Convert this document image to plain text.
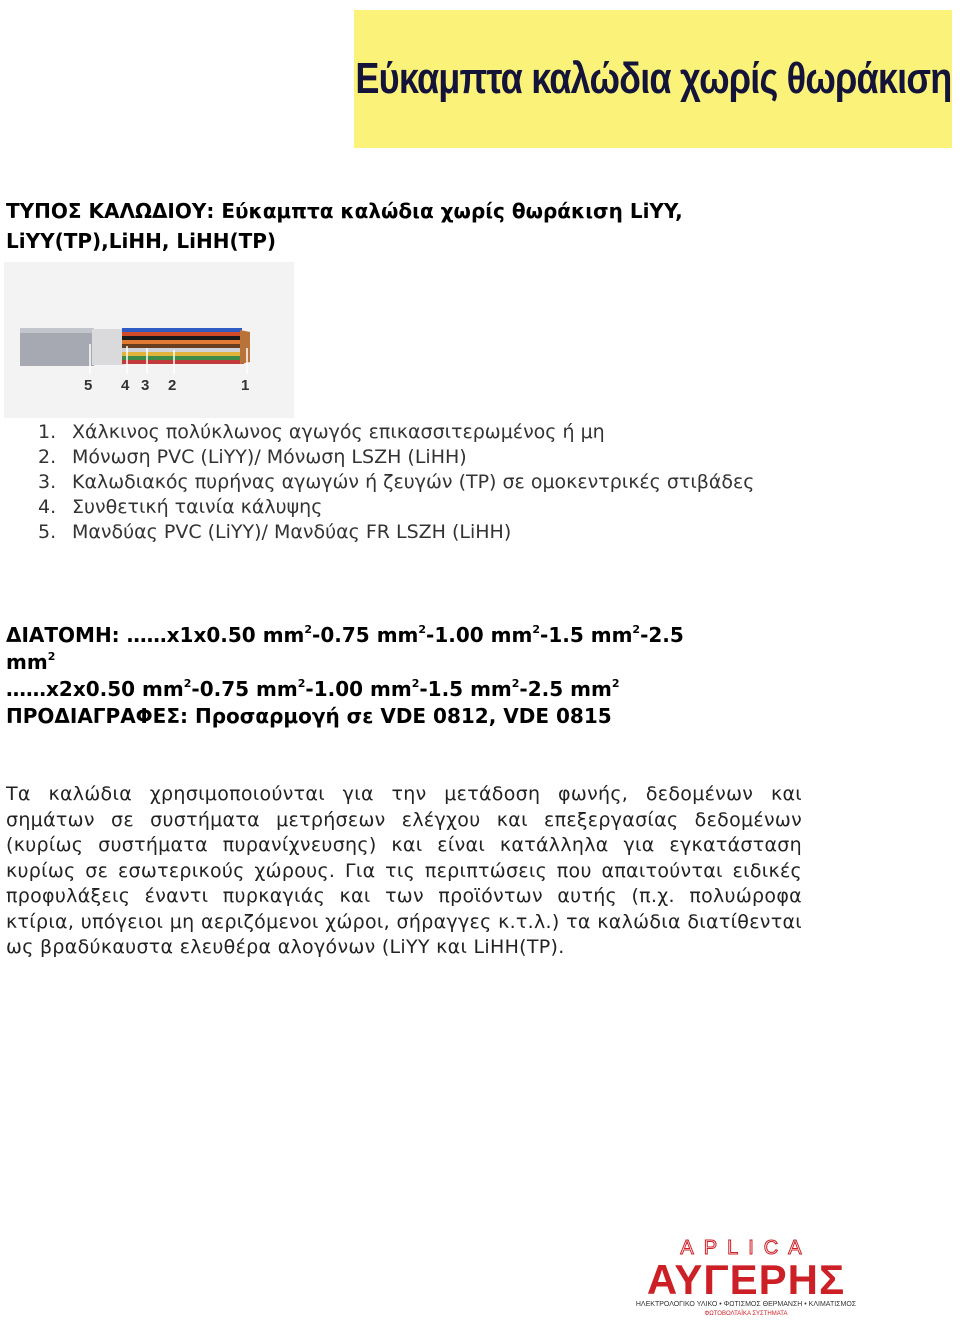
Εύκαμπτα καλώδια χωρίς θωράκιση
ΤΥΠΟΣ ΚΑΛΩΔΙΟΥ: Εύκαμπτα καλώδια χωρίς θωράκιση LiYY, LiYY(TP),LiHH, LiHH(TP)
5 4 3 2	1
1. Χάλκινος πολύκλωνος αγωγός επικασσιτερωμένος ή μη
2. Μόνωση PVC (LiYY)/ Μόνωση LSZH (LiHH)
3. Καλωδιακός πυρήνας αγωγών ή ζευγών (TP) σε ομοκεντρικές στιβάδες
4. Συνθετική ταινία κάλυψης
5. Μανδύας PVC (LiYY)/ Μανδύας FR LSZH (LiHH)
ΔΙΑΤΟΜΗ: ……x1x0.50 $mm^2-0.75$ $mm^2-1.00$ $mm^2-1.5$ $mm^2-2.5$
$mm^2$
……x2x0.50 $mm^2-0.75$ $mm^2-1.00$ $mm^2-1.5$ $mm^2-2.5$ $mm^2$
ΠΡΟΔΙΑΓΡΑΦΕΣ: Προσαρμογή σε VDE 0812, VDE 0815
Τα καλώδια χρησιμοποιούνται για την μετάδοση φωνής, δεδομένων και σημάτων σε συστήματα μετρήσεων ελέγχου και επεξεργασίας δεδομένων (κυρίως συστήματα πυρανίχνευσης) και είναι κατάλληλα για εγκατάσταση κυρίως σε εσωτερικούς χώρους. Για τις περιπτώσεις που απαιτούνται ειδικές προφυλάξεις έναντι πυρκαγιάς και των προϊόντων αυτής (π.χ. πολυώροφα κτίρια, υπόγειοι μη αεριζόμενοι χώροι, σήραγγες κ.τ.λ.) τα καλώδια διατίθενται ως βραδύκαυστα ελευθέρα αλογόνων (LiYY και LiHH(TP).
APLICA
ΑΥΓΕΡΗΣ
ΗΛΕΚΤΡΟΛΟΓΙΚΟ ΥΛΙΚΟ • ΦΩΤΙΣΜΟΣ ΘΕΡΜΑΝΣΗ • ΚΛΙΜΑΤΙΣΜΟΣ
ΦΩΤΟΒΟΛΤΑΪΚΑ ΣΥΣΤΗΜΑΤΑ
